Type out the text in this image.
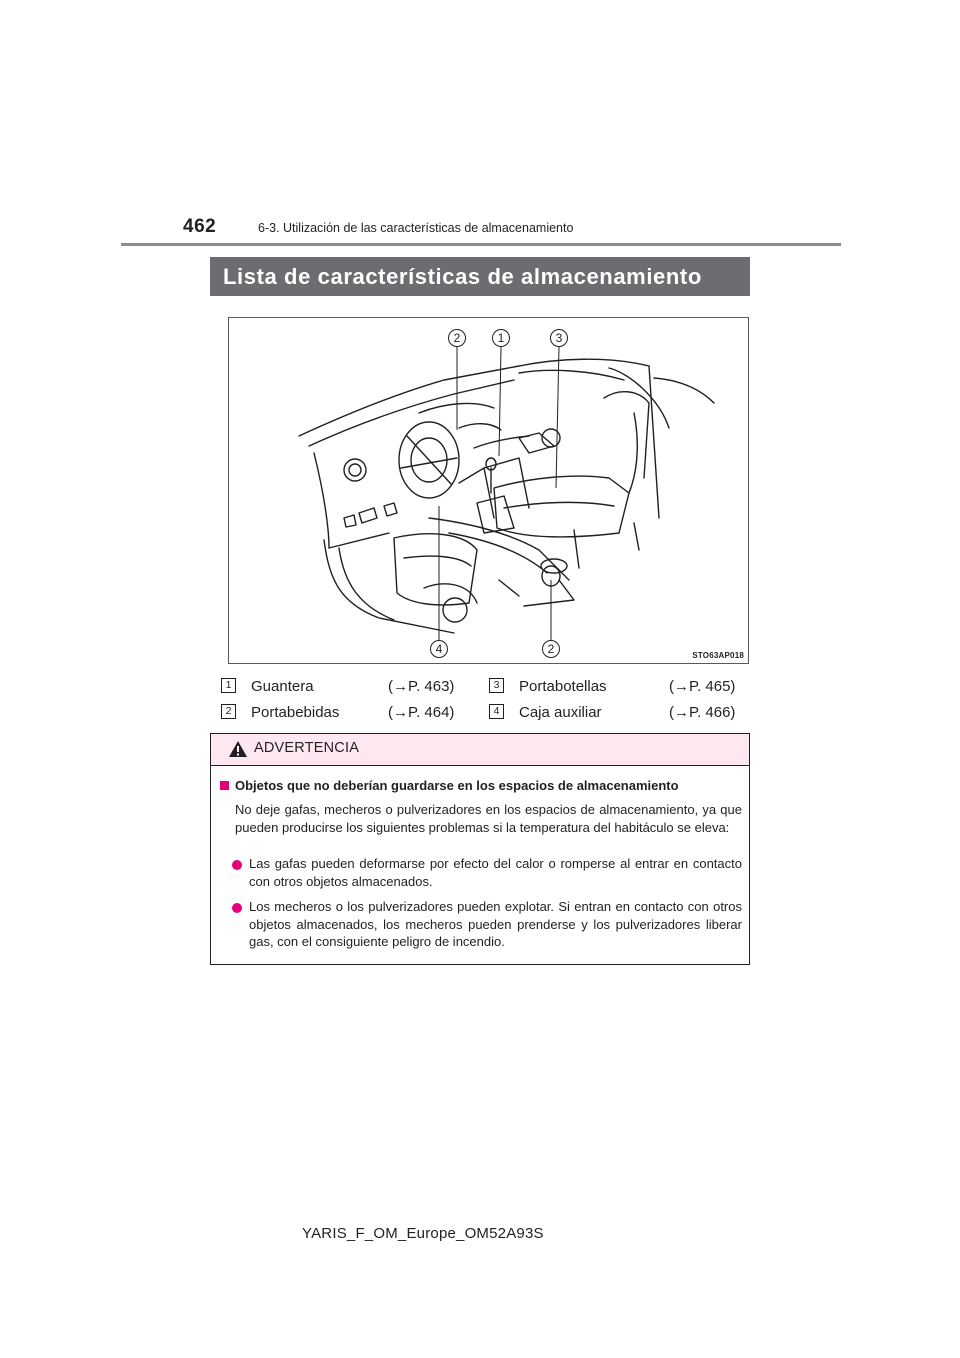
462	6-3. Utilización de las características de almacenamiento
Lista de características de almacenamiento
2	1	3
4	2	STO63AP018
1	Guantera	(→P. 463)	3	Portabotellas	(→P. 465)
2	Portabebidas	(→P. 464)	4	Caja auxiliar	(→P. 466)
ADVERTENCIA
Objetos que no deberían guardarse en los espacios de almacenamiento
No deje gafas, mecheros o pulverizadores en los espacios de almacenamiento, ya que pueden producirse los siguientes problemas si la temperatura del habitáculo se eleva:
Las gafas pueden deformarse por efecto del calor o romperse al entrar en contacto con otros objetos almacenados.
Los mecheros o los pulverizadores pueden explotar. Si entran en contacto con otros objetos almacenados, los mecheros pueden prenderse y los pulverizadores liberar gas, con el consiguiente peligro de incendio.
YARIS_F_OM_Europe_OM52A93S
